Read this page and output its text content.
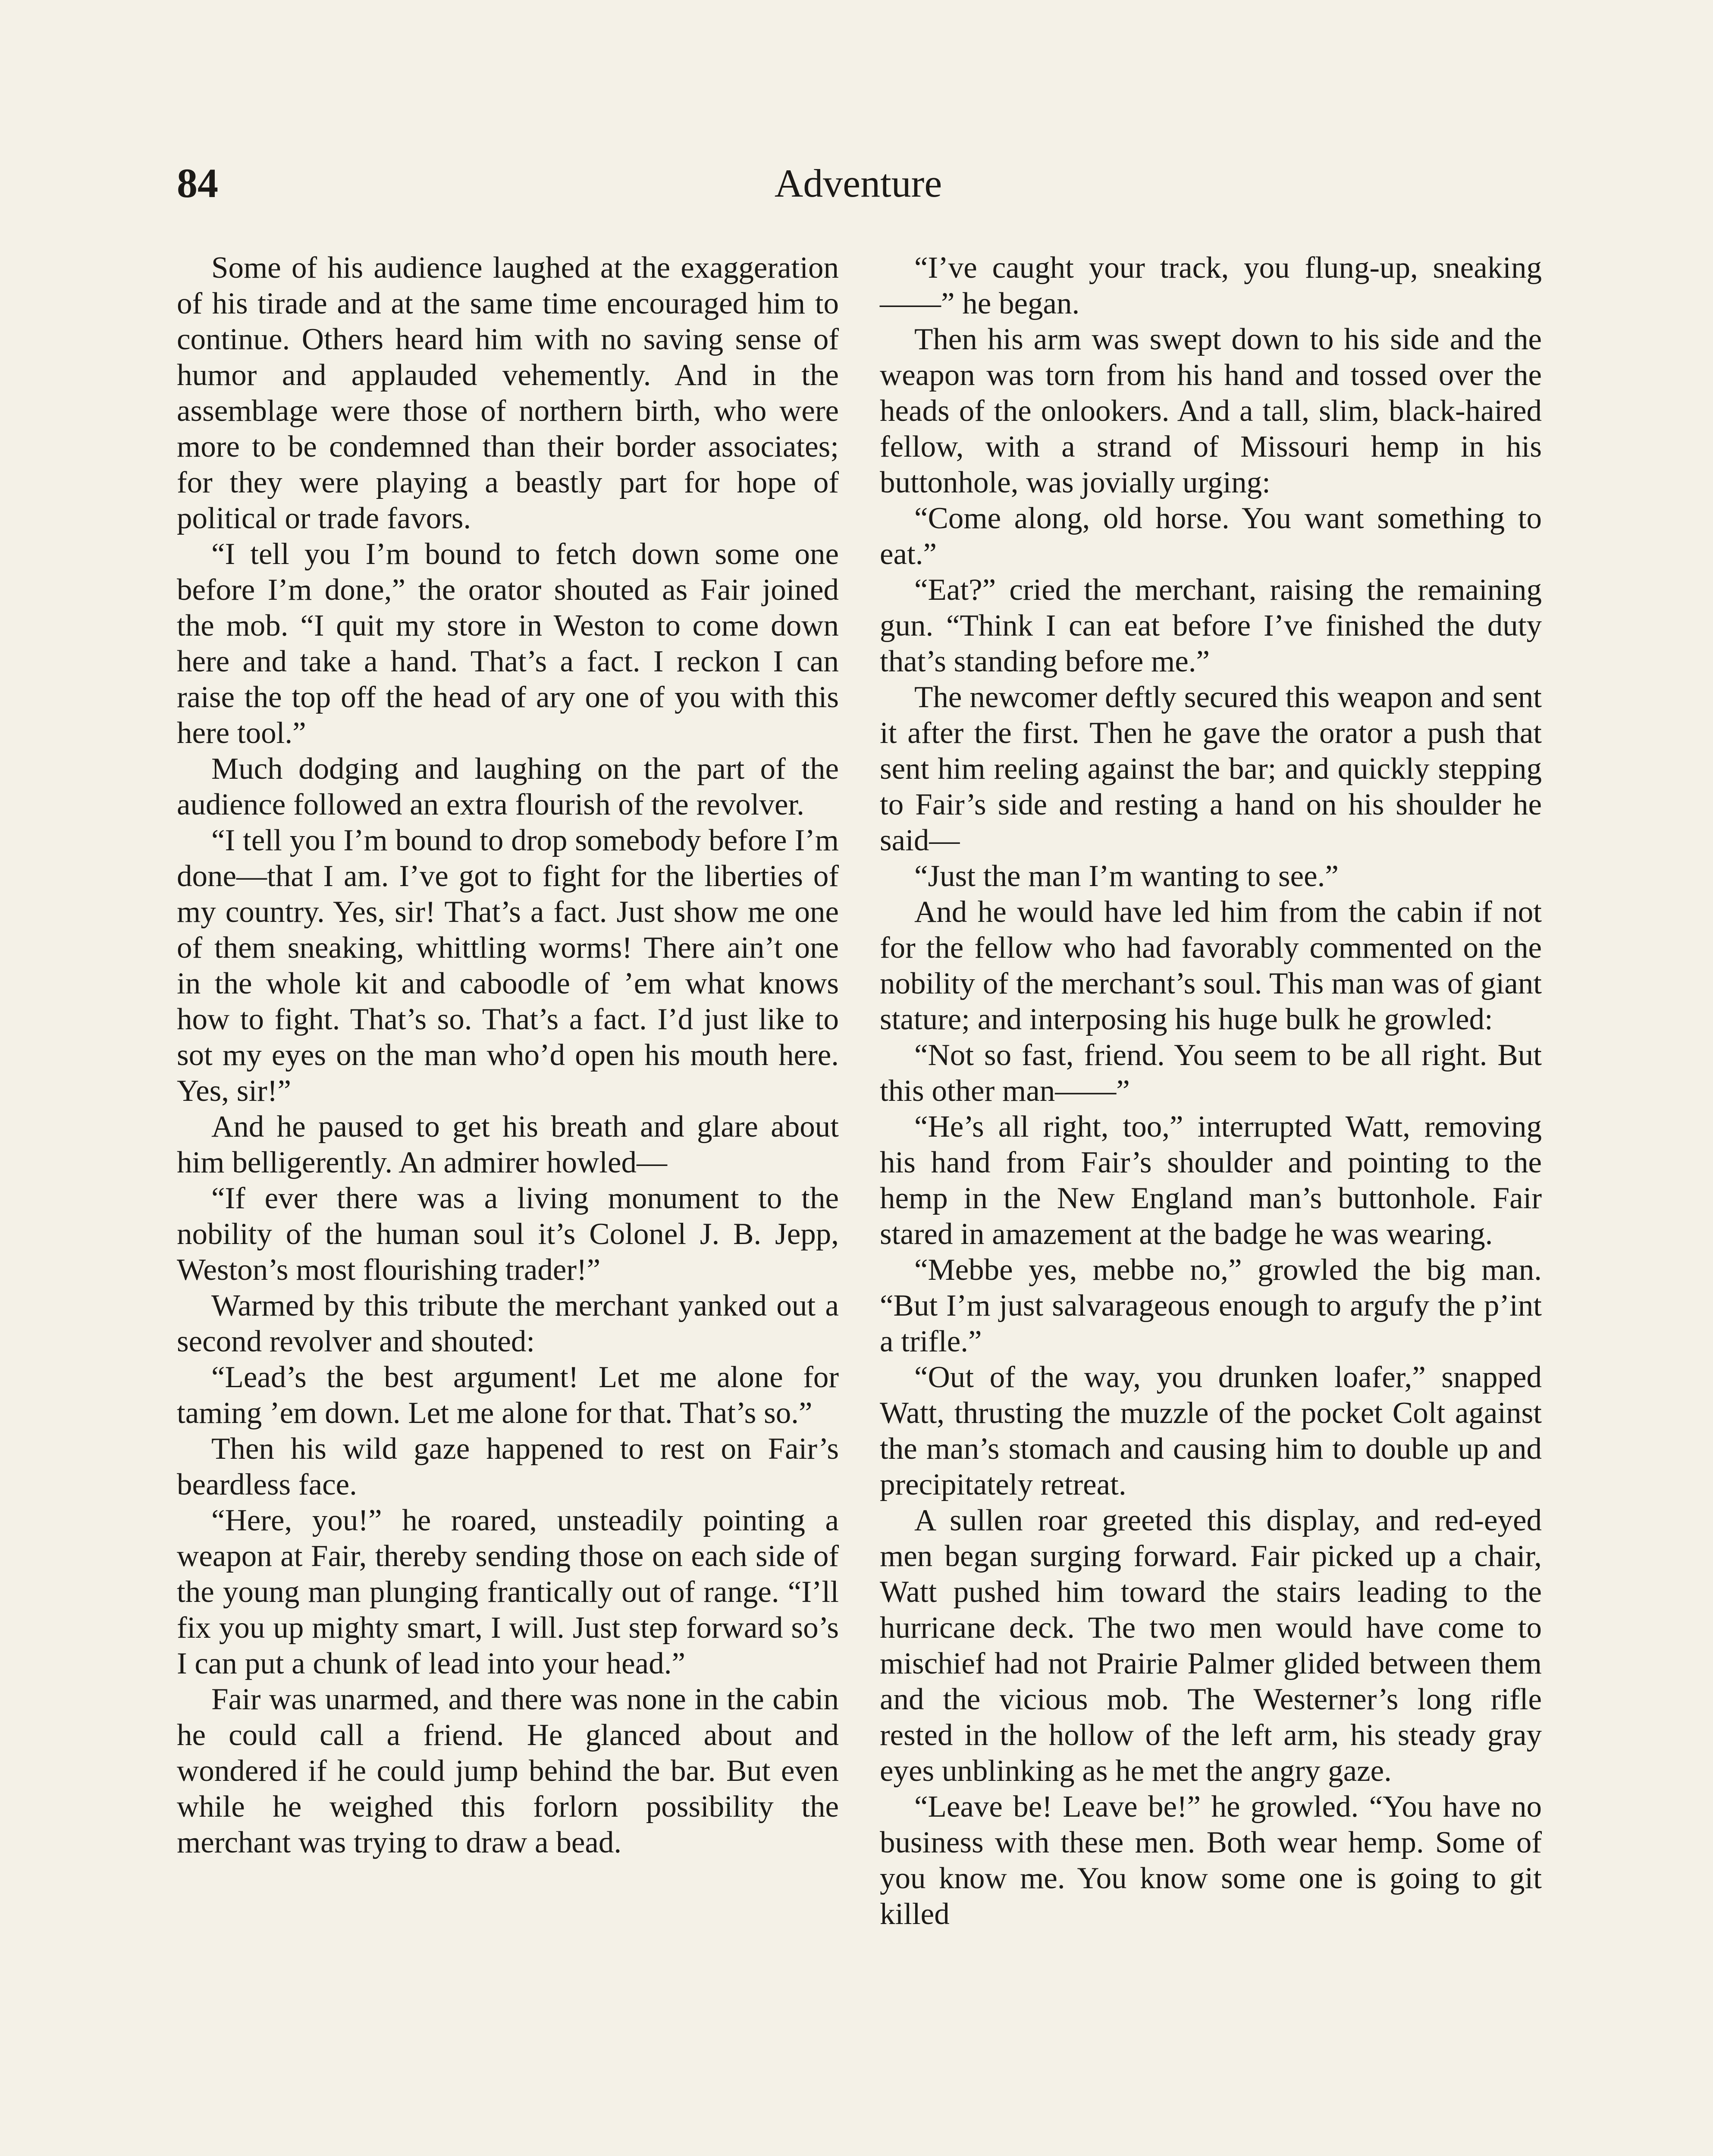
84	Adventure

Some of his audience laughed at the exaggeration of his tirade and at the same time encouraged him to continue. Others heard him with no saving sense of humor and applauded vehemently. And in the assemblage were those of northern birth, who were more to be condemned than their border associates; for they were playing a beastly part for hope of political or trade favors.

“I tell you I’m bound to fetch down some one before I’m done,” the orator shouted as Fair joined the mob. “I quit my store in Weston to come down here and take a hand. That’s a fact. I reckon I can raise the top off the head of ary one of you with this here tool.”

Much dodging and laughing on the part of the audience followed an extra flourish of the revolver.

“I tell you I’m bound to drop somebody before I’m done—that I am. I’ve got to fight for the liberties of my country. Yes, sir! That’s a fact. Just show me one of them sneaking, whittling worms! There ain’t one in the whole kit and caboodle of ’em what knows how to fight. That’s so. That’s a fact. I’d just like to sot my eyes on the man who’d open his mouth here. Yes, sir!”

And he paused to get his breath and glare about him belligerently. An admirer howled—

“If ever there was a living monument to the nobility of the human soul it’s Colonel J. B. Jepp, Weston’s most flourishing trader!”

Warmed by this tribute the merchant yanked out a second revolver and shouted:

“Lead’s the best argument! Let me alone for taming ’em down. Let me alone for that. That’s so.”

Then his wild gaze happened to rest on Fair’s beardless face.

“Here, you!” he roared, unsteadily pointing a weapon at Fair, thereby sending those on each side of the young man plunging frantically out of range. “I’ll fix you up mighty smart, I will. Just step forward so’s I can put a chunk of lead into your head.”

Fair was unarmed, and there was none in the cabin he could call a friend. He glanced about and wondered if he could jump behind the bar. But even while he weighed this forlorn possibility the merchant was trying to draw a bead.

“I’ve caught your track, you flung-up, sneaking ——” he began.

Then his arm was swept down to his side and the weapon was torn from his hand and tossed over the heads of the onlookers. And a tall, slim, black-haired fellow, with a strand of Missouri hemp in his buttonhole, was jovially urging:

“Come along, old horse. You want something to eat.”

“Eat?” cried the merchant, raising the remaining gun. “Think I can eat before I’ve finished the duty that’s standing before me.”

The newcomer deftly secured this weapon and sent it after the first. Then he gave the orator a push that sent him reeling against the bar; and quickly stepping to Fair’s side and resting a hand on his shoulder he said—

“Just the man I’m wanting to see.”

And he would have led him from the cabin if not for the fellow who had favorably commented on the nobility of the merchant’s soul. This man was of giant stature; and interposing his huge bulk he growled:

“Not so fast, friend. You seem to be all right. But this other man——”

“He’s all right, too,” interrupted Watt, removing his hand from Fair’s shoulder and pointing to the hemp in the New England man’s buttonhole. Fair stared in amazement at the badge he was wearing.

“Mebbe yes, mebbe no,” growled the big man. “But I’m just salvarageous enough to argufy the p’int a trifle.”

“Out of the way, you drunken loafer,” snapped Watt, thrusting the muzzle of the pocket Colt against the man’s stomach and causing him to double up and precipitately retreat.

A sullen roar greeted this display, and red-eyed men began surging forward. Fair picked up a chair, Watt pushed him toward the stairs leading to the hurricane deck. The two men would have come to mischief had not Prairie Palmer glided between them and the vicious mob. The Westerner’s long rifle rested in the hollow of the left arm, his steady gray eyes unblinking as he met the angry gaze.

“Leave be! Leave be!” he growled. “You have no business with these men. Both wear hemp. Some of you know me. You know some one is going to git killed
